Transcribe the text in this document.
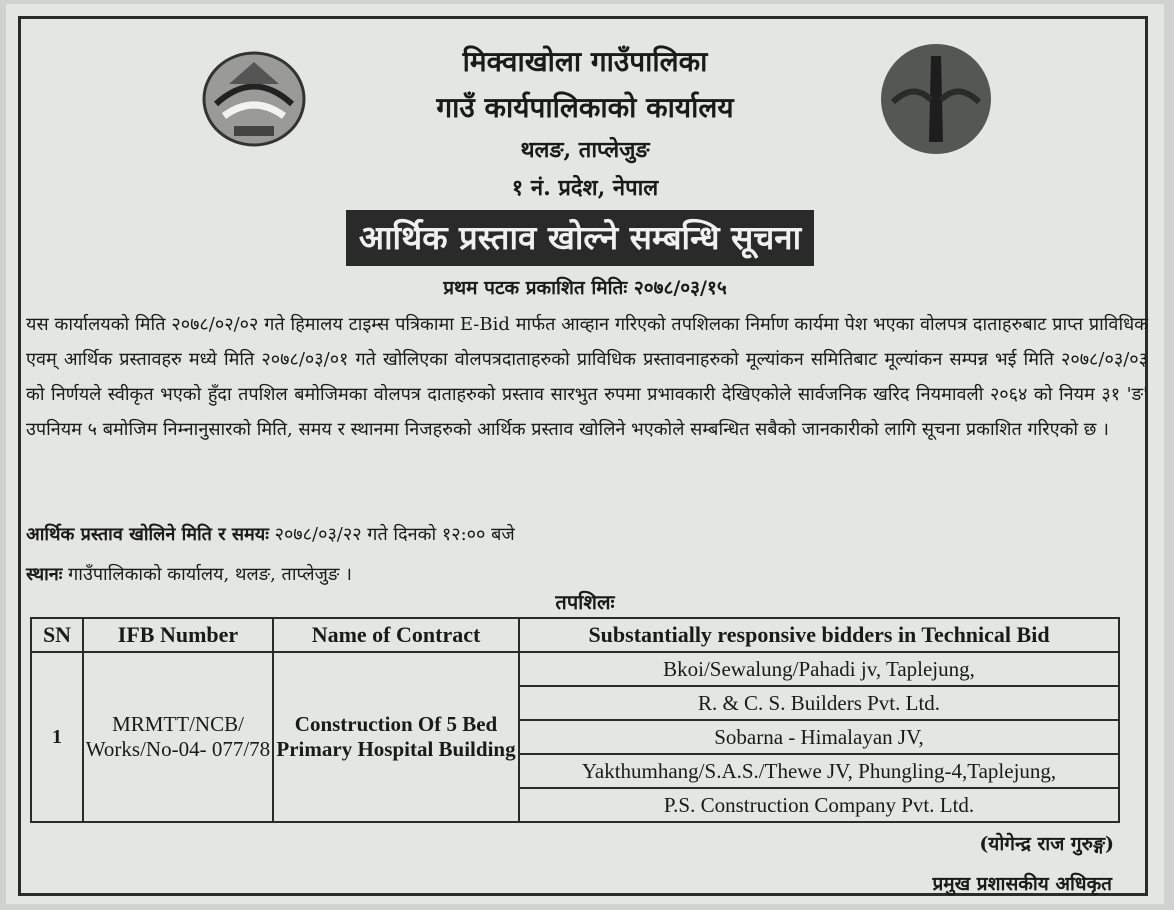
मिक्वाखोला गाउँपालिका
गाउँ कार्यपालिकाको कार्यालय
थलङ, ताप्लेजुङ
१ नं. प्रदेश, नेपाल
आर्थिक प्रस्ताव खोल्ने सम्बन्धि सूचना
प्रथम पटक प्रकाशित मितिः २०७८/०३/१५

यस कार्यालयको मिति २०७८/०२/०२ गते हिमालय टाइम्स पत्रिकामा E-Bid मार्फत आव्हान गरिएको तपशिलका निर्माण कार्यमा पेश भएका वोलपत्र दाताहरुबाट प्राप्त प्राविधिक एवम् आर्थिक प्रस्तावहरु मध्ये मिति २०७८/०३/०१ गते खोलिएका वोलपत्रदाताहरुको प्राविधिक प्रस्तावनाहरुको मूल्यांकन समितिबाट मूल्यांकन सम्पन्न भई मिति २०७८/०३/०३ को निर्णयले स्वीकृत भएको हुँदा तपशिल बमोजिमका वोलपत्र दाताहरुको प्रस्ताव सारभुत रुपमा प्रभावकारी देखिएकोले सार्वजनिक खरिद नियमावली २०६४ को नियम ३१ 'ङ' उपनियम ५ बमोजिम निम्नानुसारको मिति, समय र स्थानमा निजहरुको आर्थिक प्रस्ताव खोलिने भएकोले सम्बन्धित सबैको जानकारीको लागि सूचना प्रकाशित गरिएको छ ।

आर्थिक प्रस्ताव खोलिने मिति र समयः २०७८/०३/२२ गते दिनको १२:०० बजे
स्थानः गाउँपालिकाको कार्यालय, थलङ, ताप्लेजुङ ।
तपशिलः
SN	IFB Number	Name of Contract	Substantially responsive bidders in Technical Bid
1	MRMTT/NCB/ Works/No-04- 077/78	Construction Of 5 Bed Primary Hospital Building	Bkoi/Sewalung/Pahadi jv, Taplejung,
			R. & C. S. Builders Pvt. Ltd.
			Sobarna - Himalayan JV,
			Yakthumhang/S.A.S./Thewe JV, Phungling-4,Taplejung,
			P.S. Construction Company Pvt. Ltd.
(योगेन्द्र राज गुरुङ्ग)
प्रमुख प्रशासकीय अधिकृत
